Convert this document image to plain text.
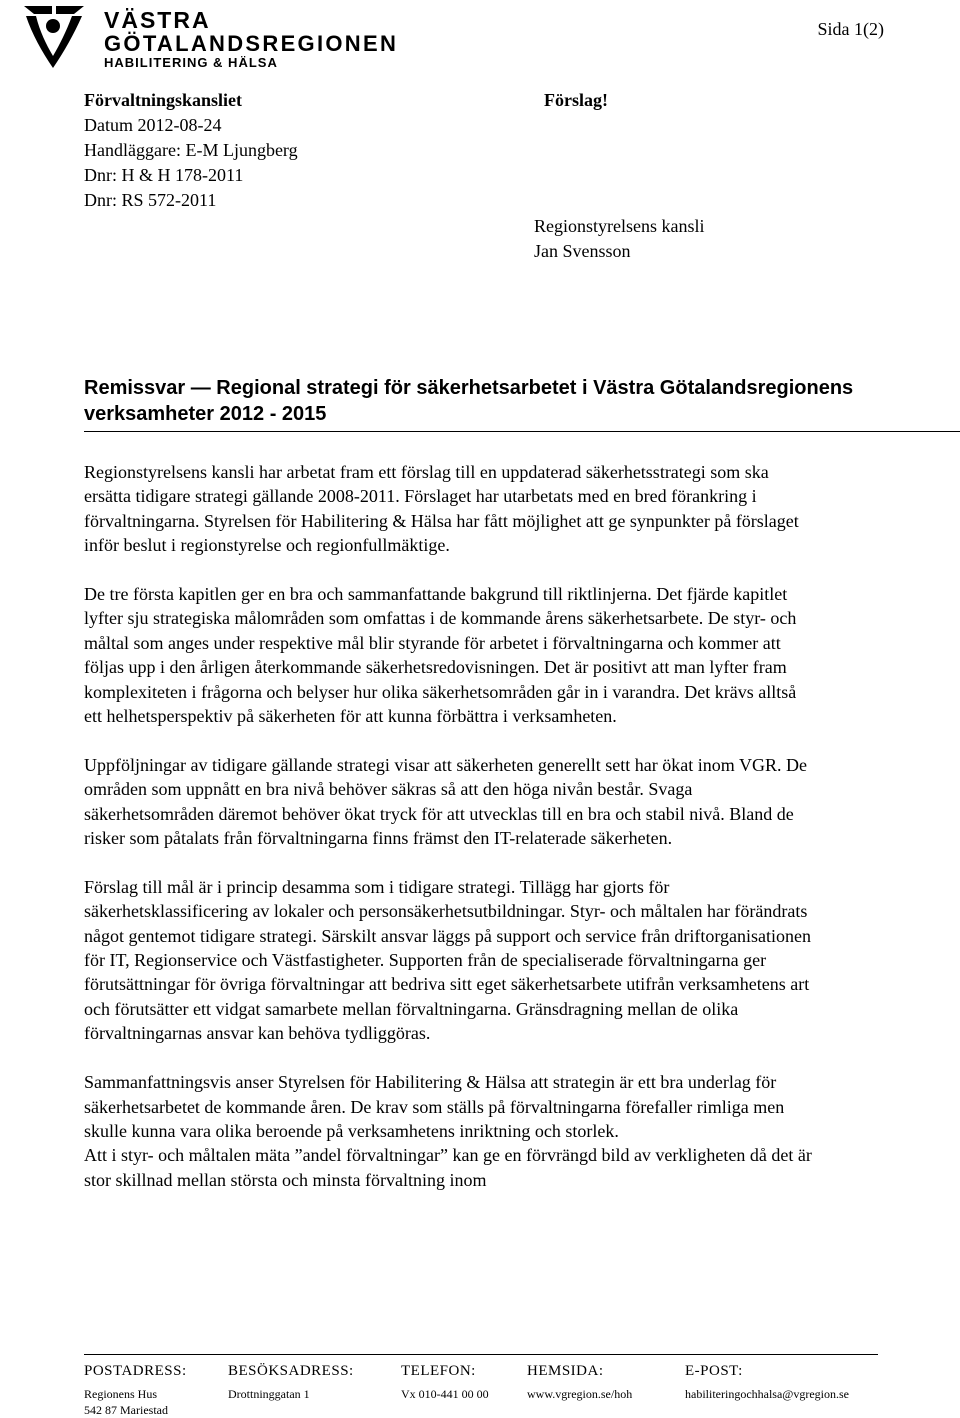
VÄSTRA
GÖTALANDSREGIONEN
HABILITERING & HÄLSA
Sida 1(2)
Förvaltningskansliet
Datum 2012-08-24
Handläggare: E-M Ljungberg
Dnr: H & H 178-2011
Dnr: RS 572-2011
Förslag!
Regionstyrelsens kansli
Jan Svensson
Remissvar — Regional strategi för säkerhetsarbetet i Västra Götalandsregionens verksamheter 2012 - 2015

Regionstyrelsens kansli har arbetat fram ett förslag till en uppdaterad säkerhetsstrategi som ska ersätta tidigare strategi gällande 2008-2011. Förslaget har utarbetats med en bred förankring i förvaltningarna. Styrelsen för Habilitering & Hälsa har fått möjlighet att ge synpunkter på förslaget inför beslut i regionstyrelse och regionfullmäktige.

De tre första kapitlen ger en bra och sammanfattande bakgrund till riktlinjerna. Det fjärde kapitlet lyfter sju strategiska målområden som omfattas i de kommande årens säkerhetsarbete. De styr- och måltal som anges under respektive mål blir styrande för arbetet i förvaltningarna och kommer att följas upp i den årligen återkommande säkerhetsredovisningen. Det är positivt att man lyfter fram komplexiteten i frågorna och belyser hur olika säkerhetsområden går in i varandra. Det krävs alltså ett helhetsperspektiv på säkerheten för att kunna förbättra i verksamheten.

Uppföljningar av tidigare gällande strategi visar att säkerheten generellt sett har ökat inom VGR. De områden som uppnått en bra nivå behöver säkras så att den höga nivån består. Svaga säkerhetsområden däremot behöver ökat tryck för att utvecklas till en bra och stabil nivå. Bland de risker som påtalats från förvaltningarna finns främst den IT-relaterade säkerheten.

Förslag till mål är i princip desamma som i tidigare strategi. Tillägg har gjorts för säkerhetsklassificering av lokaler och personsäkerhetsutbildningar. Styr- och måltalen har förändrats något gentemot tidigare strategi. Särskilt ansvar läggs på support och service från driftorganisationen för IT, Regionservice och Västfastigheter. Supporten från de specialiserade förvaltningarna ger förutsättningar för övriga förvaltningar att bedriva sitt eget säkerhetsarbete utifrån verksamhetens art och förutsätter ett vidgat samarbete mellan förvaltningarna. Gränsdragning mellan de olika förvaltningarnas ansvar kan behöva tydliggöras.

Sammanfattningsvis anser Styrelsen för Habilitering & Hälsa att strategin är ett bra underlag för säkerhetsarbetet de kommande åren. De krav som ställs på förvaltningarna förefaller rimliga men skulle kunna vara olika beroende på verksamhetens inriktning och storlek.

Att i styr- och måltalen mäta ”andel förvaltningar” kan ge en förvrängd bild av verkligheten då det är stor skillnad mellan största och minsta förvaltning inom

POSTADRESS:
Regionens Hus
542 87 Mariestad
BESÖKSADRESS:
Drottninggatan 1
TELEFON:
Vx 010-441 00 00
HEMSIDA:
www.vgregion.se/hoh
E-POST:
habiliteringochhalsa@vgregion.se
